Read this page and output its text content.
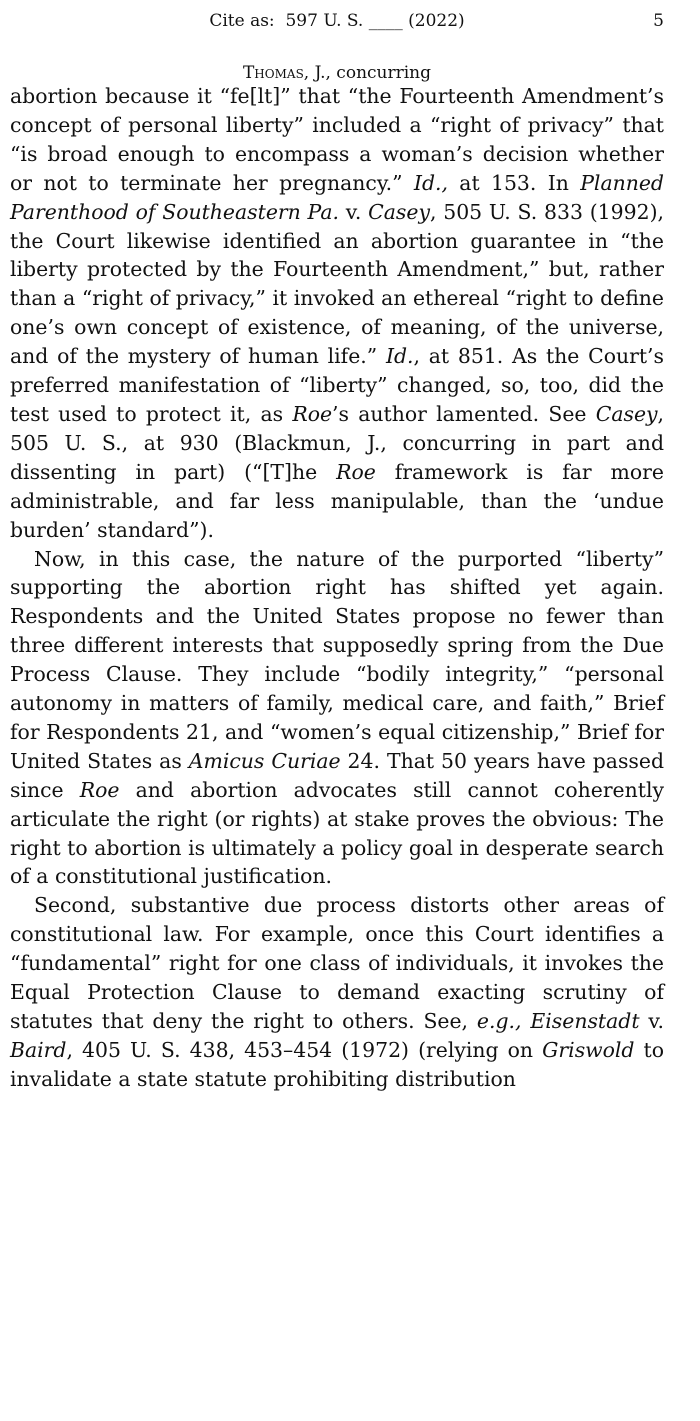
Cite as:  597 U. S. ____ (2022)	5
Thomas, J., concurring

abortion because it “fe[lt]” that “the Fourteenth Amendment’s concept of personal liberty” included a “right of privacy” that “is broad enough to encompass a woman’s decision whether or not to terminate her pregnancy.” Id., at 153. In Planned Parenthood of Southeastern Pa. v. Casey, 505 U. S. 833 (1992), the Court likewise identified an abortion guarantee in “the liberty protected by the Fourteenth Amendment,” but, rather than a “right of privacy,” it invoked an ethereal “right to define one’s own concept of existence, of meaning, of the universe, and of the mystery of human life.” Id., at 851. As the Court’s preferred manifestation of “liberty” changed, so, too, did the test used to protect it, as Roe’s author lamented. See Casey, 505 U. S., at 930 (Blackmun, J., concurring in part and dissenting in part) (“[T]he Roe framework is far more administrable, and far less manipulable, than the ‘undue burden’ standard”).

Now, in this case, the nature of the purported “liberty” supporting the abortion right has shifted yet again. Respondents and the United States propose no fewer than three different interests that supposedly spring from the Due Process Clause. They include “bodily integrity,” “personal autonomy in matters of family, medical care, and faith,” Brief for Respondents 21, and “women’s equal citizenship,” Brief for United States as Amicus Curiae 24. That 50 years have passed since Roe and abortion advocates still cannot coherently articulate the right (or rights) at stake proves the obvious: The right to abortion is ultimately a policy goal in desperate search of a constitutional justification.

Second, substantive due process distorts other areas of constitutional law. For example, once this Court identifies a “fundamental” right for one class of individuals, it invokes the Equal Protection Clause to demand exacting scrutiny of statutes that deny the right to others. See, e.g., Eisenstadt v. Baird, 405 U. S. 438, 453–454 (1972) (relying on Griswold to invalidate a state statute prohibiting distribution
